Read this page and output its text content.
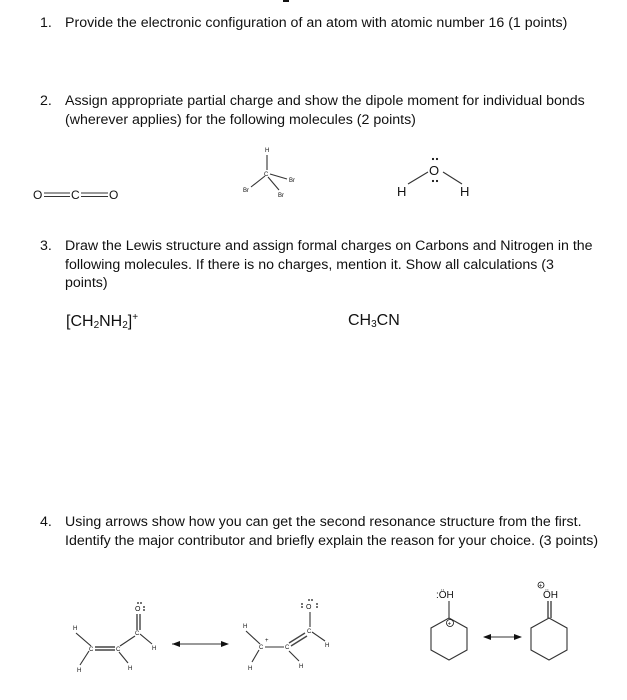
1. Provide the electronic configuration of an atom with atomic number 16 (1 points)
2. Assign appropriate partial charge and show the dipole moment for individual bonds (wherever applies) for the following molecules (2 points)
O C O
H
C
Br
Br
Br
O
H	H
3. Draw the Lewis structure and assign formal charges on Carbons and Nitrogen in the following molecules. If there is no charges, mention it. Show all calculations (3 points)
$[CH_2NH_2]^+$	$CH_3CN$
4. Using arrows show how you can get the second resonance structure from the first. Identify the major contributor and briefly explain the reason for your choice. (3 points)
H
C
H
C
H
C
H
O
H
C
+
H
C
H
C
H
O
:ÖH
+
+
ÖH
